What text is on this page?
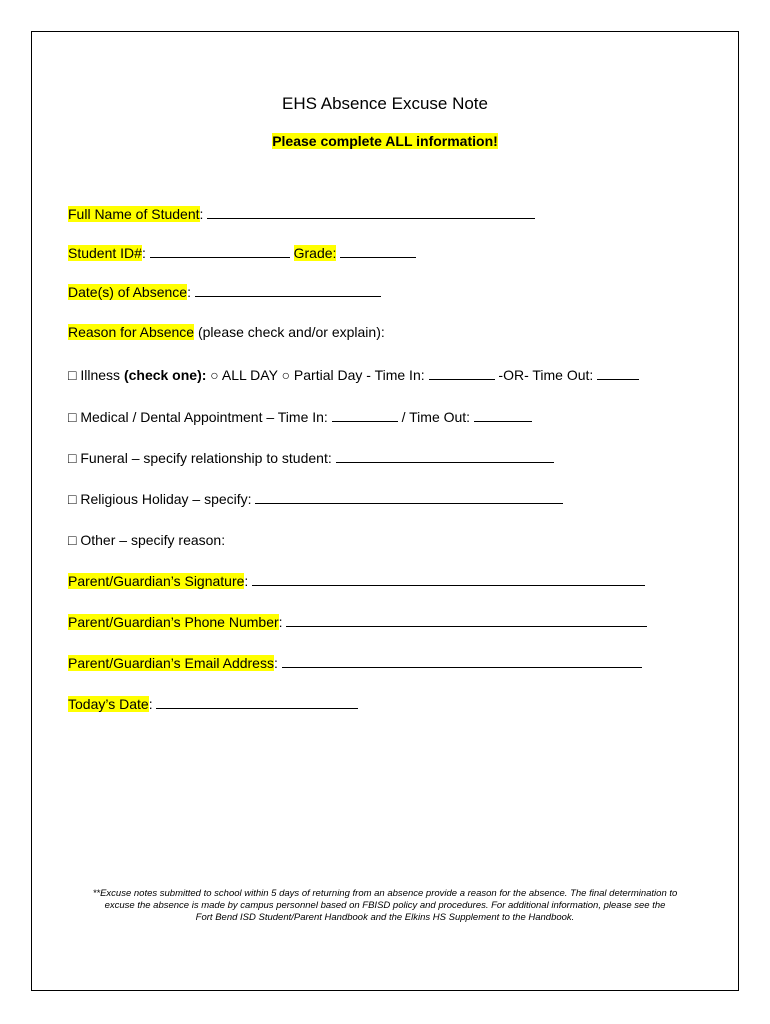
EHS Absence Excuse Note
Please complete ALL information!
Full Name of Student:
Student ID#:	Grade:
Date(s) of Absence:
Reason for Absence (please check and/or explain):
□ Illness (check one): ○ ALL DAY ○ Partial Day - Time In:	-OR- Time Out:
□ Medical / Dental Appointment – Time In:	/ Time Out:
□ Funeral – specify relationship to student:
□ Religious Holiday – specify:
□ Other – specify reason:
Parent/Guardian’s Signature:
Parent/Guardian’s Phone Number:
Parent/Guardian’s Email Address:
Today’s Date:
**Excuse notes submitted to school within 5 days of returning from an absence provide a reason for the absence. The final determination to
excuse the absence is made by campus personnel based on FBISD policy and procedures. For additional information, please see the
Fort Bend ISD Student/Parent Handbook and the Elkins HS Supplement to the Handbook.
